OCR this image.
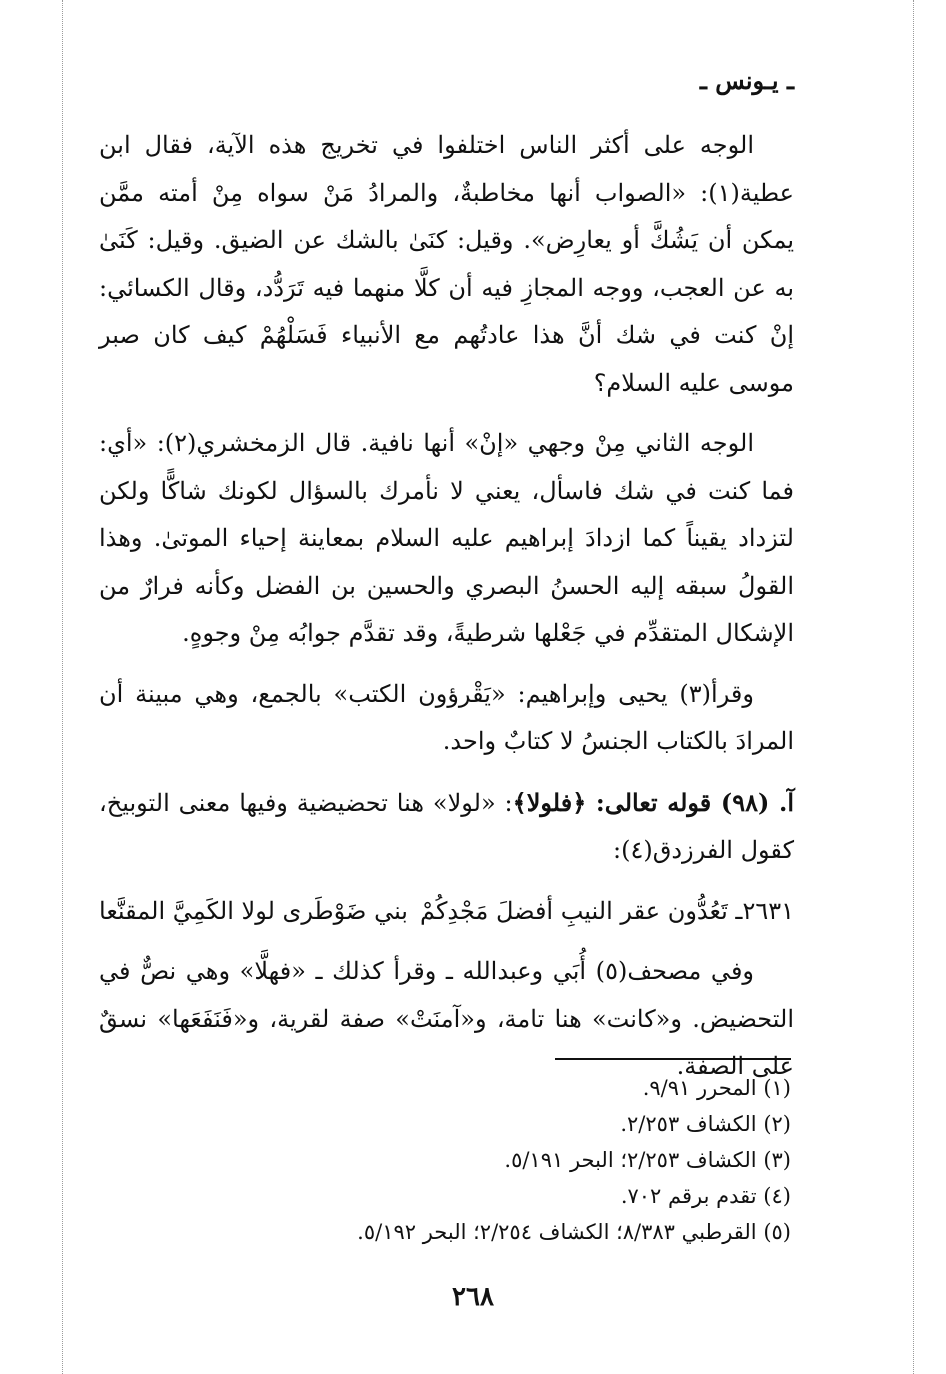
ـ يـونس ـ

الوجه على أكثر الناس اختلفوا في تخريج هذه الآية، فقال ابن عطية(١): «الصواب أنها مخاطبةٌ، والمرادُ مَنْ سواه مِنْ أمته ممَّن يمكن أن يَشُكَّ أو يعارِض». وقيل: كنَىٰ بالشك عن الضيق. وقيل: كَنَىٰ به عن العجب، ووجه المجازِ فيه أن كلَّا منهما فيه تَرَدُّد، وقال الكسائي: إنْ كنت في شك أنَّ هذا عادتُهم مع الأنبياء فَسَلْهُمْ كيف كان صبر موسى عليه السلام؟

الوجه الثاني مِنْ وجهي «إنْ» أنها نافية. قال الزمخشري(٢): «أي: فما كنت في شك فاسأل، يعني لا نأمرك بالسؤال لكونك شاكًّا ولكن لتزداد يقيناً كما ازدادَ إبراهيم عليه السلام بمعاينة إحياء الموتىٰ. وهذا القولُ سبقه إليه الحسنُ البصري والحسين بن الفضل وكأنه فرارٌ من الإشكال المتقدِّم في جَعْلها شرطيةً، وقد تقدَّم جوابُه مِنْ وجوهٍ.

وقرأ(٣) يحيى وإبراهيم: «يَقْرؤون الكتب» بالجمع، وهي مبينة أن المرادَ بالكتاب الجنسُ لا كتابٌ واحد.

آ. (٩٨) قوله تعالى: ﴿فلولا﴾: «لولا» هنا تحضيضية وفيها معنى التوبيخ، كقول الفرزدق(٤):

٢٦٣١ـ تَعُدُّون عقر النيبِ أفضلَ مَجْدِكُمْ
بني ضَوْطَرى لولا الكَمِيَّ المقنَّعا

وفي مصحف(٥) أُبَي وعبدالله ـ وقرأ كذلك ـ «فهلَّا» وهي نصٌّ في التحضيض. و«كانت» هنا تامة، و«آمنَتْ» صفة لقرية، و«فَنَفَعَها» نسقٌ على الصفة.

(١) المحرر ٩/٩١.
(٢) الكشاف ٢/٢٥٣.
(٣) الكشاف ٢/٢٥٣؛ البحر ٥/١٩١.
(٤) تقدم برقم ٧٠٢.
(٥) القرطبي ٨/٣٨٣؛ الكشاف ٢/٢٥٤؛ البحر ٥/١٩٢.
٢٦٨
